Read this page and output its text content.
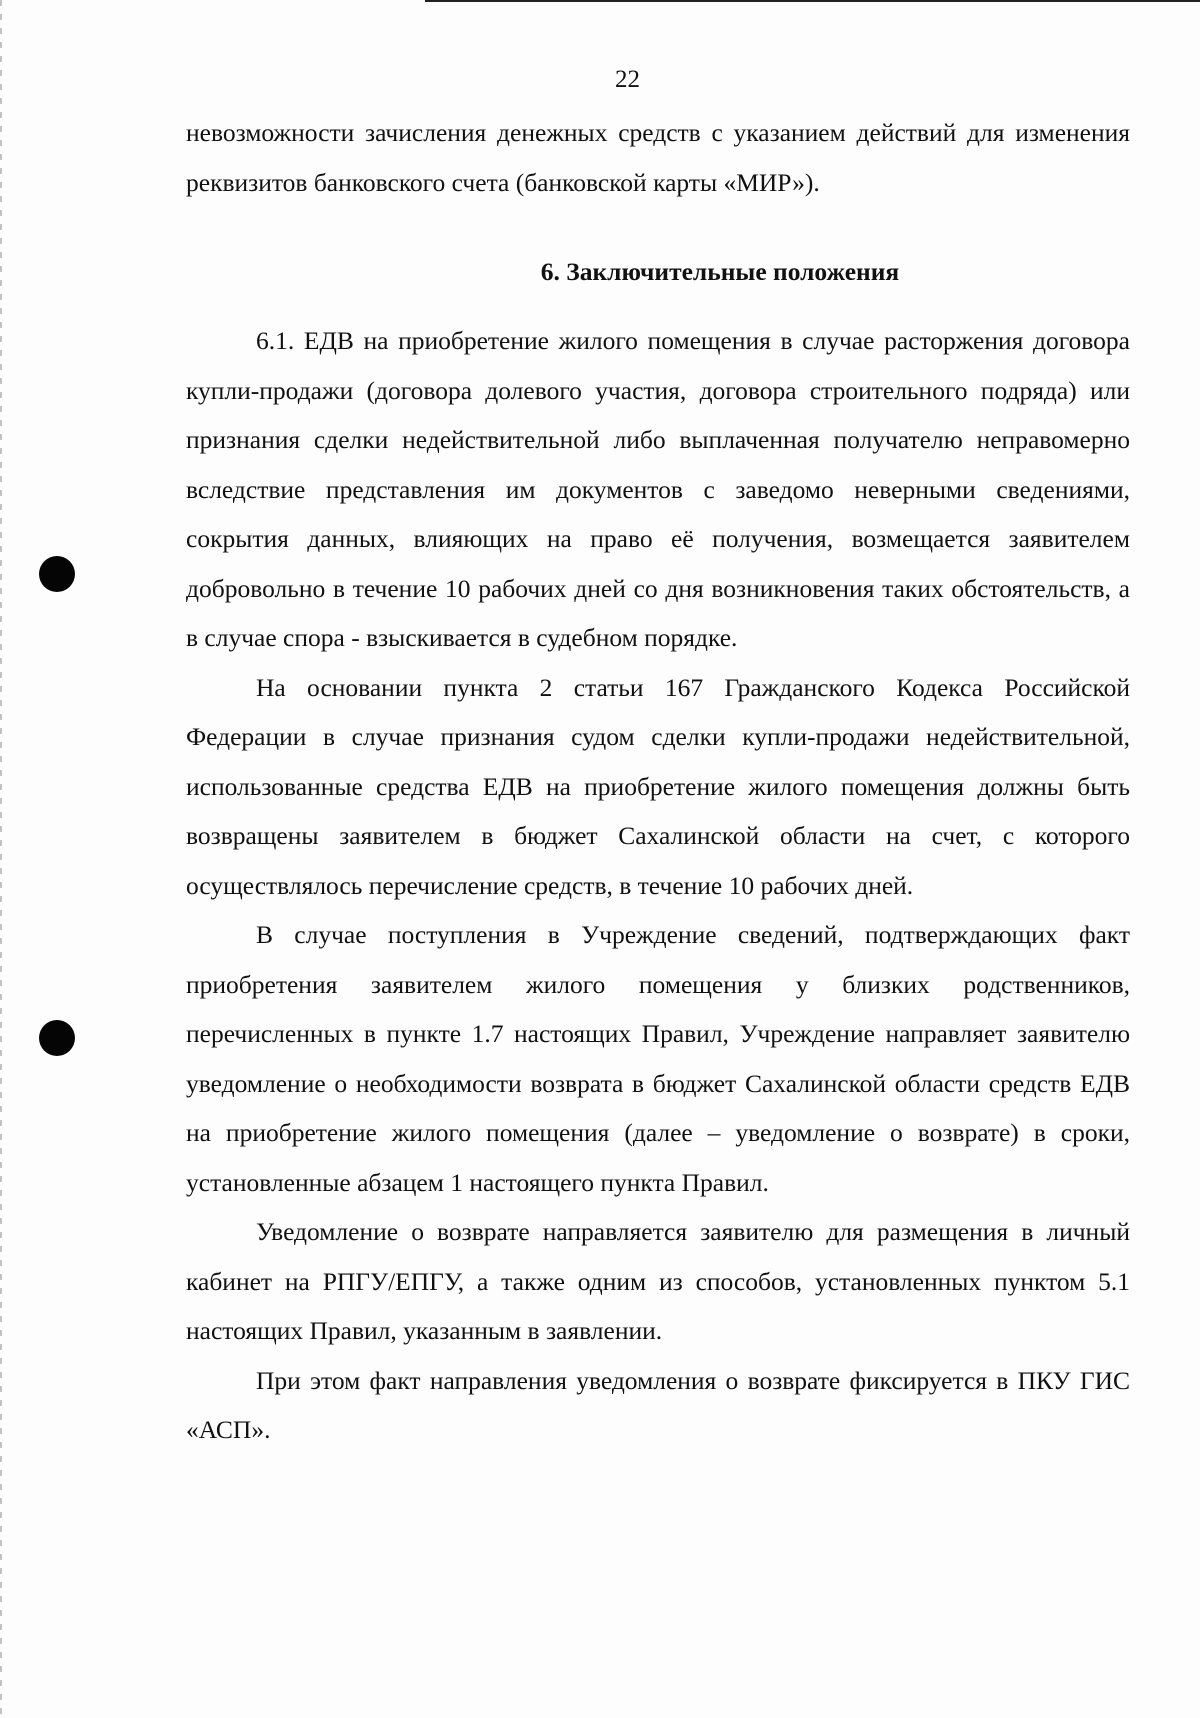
22

невозможности зачисления денежных средств с указанием действий для изменения реквизитов банковского счета (банковской карты «МИР»).

6. Заключительные положения

6.1. ЕДВ на приобретение жилого помещения в случае расторжения договора купли-продажи (договора долевого участия, договора строительного подряда) или признания сделки недействительной либо выплаченная получателю неправомерно вследствие представления им документов с заведомо неверными сведениями, сокрытия данных, влияющих на право её получения, возмещается заявителем добровольно в течение 10 рабочих дней со дня возникновения таких обстоятельств, а в случае спора - взыскивается в судебном порядке.

На основании пункта 2 статьи 167 Гражданского Кодекса Российской Федерации в случае признания судом сделки купли-продажи недействительной, использованные средства ЕДВ на приобретение жилого помещения должны быть возвращены заявителем в бюджет Сахалинской области на счет, с которого осуществлялось перечисление средств, в течение 10 рабочих дней.

В случае поступления в Учреждение сведений, подтверждающих факт приобретения заявителем жилого помещения у близких родственников, перечисленных в пункте 1.7 настоящих Правил, Учреждение направляет заявителю уведомление о необходимости возврата в бюджет Сахалинской области средств ЕДВ на приобретение жилого помещения (далее – уведомление о возврате) в сроки, установленные абзацем 1 настоящего пункта Правил.

Уведомление о возврате направляется заявителю для размещения в личный кабинет на РПГУ/ЕПГУ, а также одним из способов, установленных пунктом 5.1 настоящих Правил, указанным в заявлении.

При этом факт направления уведомления о возврате фиксируется в ПКУ ГИС «АСП».
